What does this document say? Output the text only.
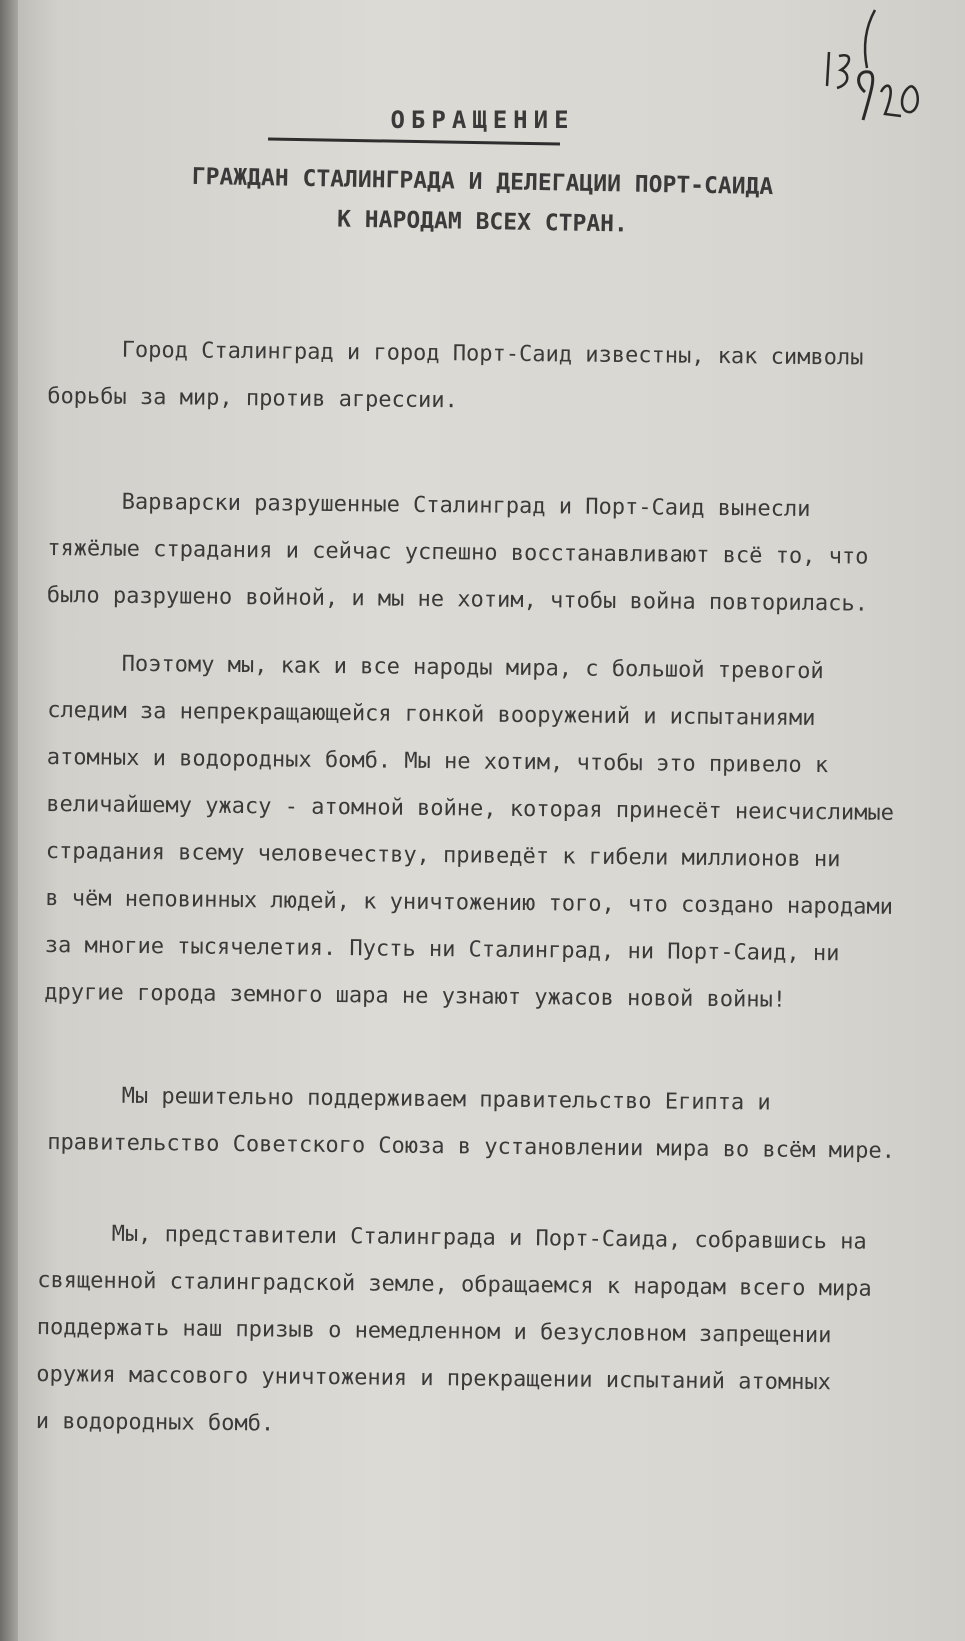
ОБРАЩЕНИЕ
ГРАЖДАН СТАЛИНГРАДА И ДЕЛЕГАЦИИ ПОРТ-САИДА
К НАРОДАМ ВСЕХ СТРАН.
Город Сталинград и город Порт-Саид известны, как символы
борьбы за мир, против агрессии.
Варварски разрушенные Сталинград и Порт-Саид вынесли
тяжёлые страдания и сейчас успешно восстанавливают всё то, что
было разрушено войной, и мы не хотим, чтобы война повторилась.
Поэтому мы, как и все народы мира, с большой тревогой
следим за непрекращающейся гонкой вооружений и испытаниями
атомных и водородных бомб. Мы не хотим, чтобы это привело к
величайшему ужасу - атомной войне, которая принесёт неисчислимые
страдания всему человечеству, приведёт к гибели миллионов ни
в чём неповинных людей, к уничтожению того, что создано народами
за многие тысячелетия. Пусть ни Сталинград, ни Порт-Саид, ни
другие города земного шара не узнают ужасов новой войны!
Мы решительно поддерживаем правительство Египта и
правительство Советского Союза в установлении мира во всём мире.
Мы, представители Сталинграда и Порт-Саида, собравшись на
священной сталинградской земле, обращаемся к народам всего мира
поддержать наш призыв о немедленном и безусловном запрещении
оружия массового уничтожения и прекращении испытаний атомных
и водородных бомб.
